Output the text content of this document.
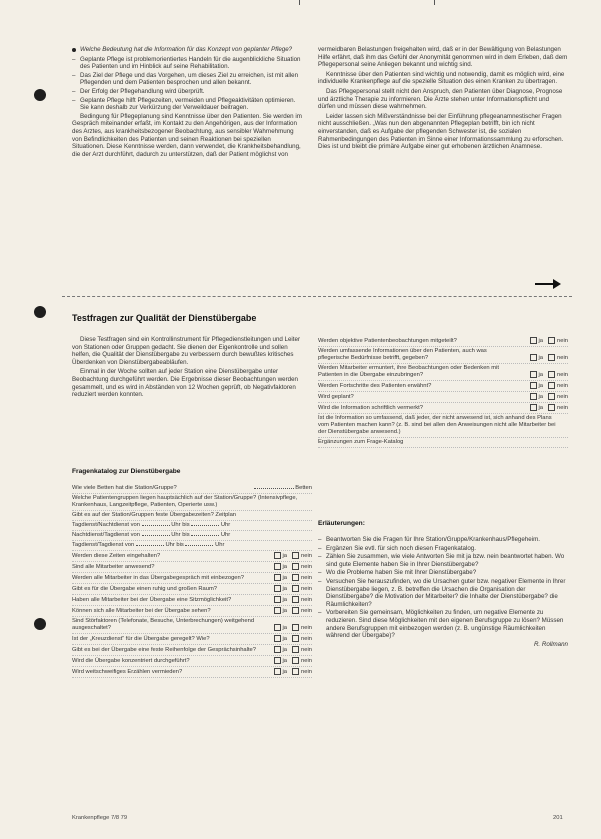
Welche Bedeutung hat die Information für das Konzept von geplanter Pflege?

– Geplante Pflege ist problemorientiertes Handeln für die augenblickliche Situation des Patienten und im Hinblick auf seine Rehabilitation.
– Das Ziel der Pflege und das Vorgehen, um dieses Ziel zu erreichen, ist mit allen Pflegenden und dem Patienten besprochen und allen bekannt.
– Der Erfolg der Pflegehandlung wird überprüft.
– Geplante Pflege hilft Pflegezeiten, vermeiden und Pflegeaktivitäten optimieren. Sie kann deshalb zur Verkürzung der Verweildauer beitragen.

Bedingung für Pflegeplanung sind Kenntnisse über den Patienten. Sie werden im Gespräch miteinander erfaßt, im Kontakt zu den Angehörigen, aus der Information des Arztes, aus krankheitsbezogener Beobachtung, aus sensibler Wahrnehmung von Befindlichkeiten des Patienten und seinen Reaktionen bei speziellen Situationen. Diese Kenntnisse werden, dann verwendet, die Krankheitsbehandlung, die der Arzt durchführt, dadurch zu unterstützen, daß der Patient möglichst von

vermeidbaren Belastungen freigehalten wird, daß er in der Bewältigung von Belastungen Hilfe erfährt, daß ihm das Gefühl der Anonymität genommen wird in dem Erleben, daß dem Pflegepersonal seine Anliegen bekannt und wichtig sind.

Kenntnisse über den Patienten sind wichtig und notwendig, damit es möglich wird, eine individuelle Krankenpflege auf die spezielle Situation des einen Kranken zu übertragen.

Das Pflegepersonal stellt nicht den Anspruch, den Patienten über Diagnose, Prognose und ärztliche Therapie zu informieren. Die Ärzte stehen unter Informationspflicht und dürfen und müssen diese wahrnehmen.

Leider lassen sich Mißverständnisse bei der Einführung pflegeanamnestischer Fragen nicht ausschließen. „Was nun den abgenannten Pflegeplan betrifft, bin ich nicht einverstanden, daß es Aufgabe der pflegenden Schwester ist, die sozialen Rahmenbedingungen des Patienten im Sinne einer Informationssammlung zu erforschen. Dies ist und bleibt die primäre Aufgabe einer gut erhobenen ärztlichen Anamnese.

Testfragen zur Qualität der Dienstübergabe

Diese Testfragen sind ein Kontrollinstrument für Pflegedienstleitungen und Leiter von Stationen oder Gruppen gedacht. Sie dienen der Eigenkontrolle und sollen helfen, die Qualität der Dienstübergabe zu verbessern durch bewußtes kritisches Überdenken von Dienstübergabeabläufen.

Einmal in der Woche sollten auf jeder Station eine Dienstübergabe unter Beobachtung durchgeführt werden. Die Ergebnisse dieser Beobachtungen werden gesammelt, und es wird in Abständen von 12 Wochen geprüft, ob Negativfaktoren reduziert werden konnten.

Fragenkatalog zur Dienstübergabe
Wie viele Betten hat die Station/Gruppe?	Betten
Welche Patientengruppen liegen hauptsächlich auf der Station/Gruppe? (Intensivpflege, Krankenhaus, Langzeitpflege, Patienten, Operierte usw.)
Gibt es auf der Station/Gruppen feste Übergabezeiten? Zeitplan
Tagdienst/Nachtdienst von	Uhr bis	Uhr
Nachtdienst/Tagdienst von	Uhr bis	Uhr
Tagdienst/Tagdienst von	Uhr bis	Uhr
Werden diese Zeiten eingehalten?	ja nein
Sind alle Mitarbeiter anwesend?	ja nein
Werden alle Mitarbeiter in das Übergabegespräch mit einbezogen?	ja nein
Gibt es für die Übergabe einen ruhig und großen Raum?	ja nein
Haben alle Mitarbeiter bei der Übergabe eine Sitzmöglichkeit?	ja nein
Können sich alle Mitarbeiter bei der Übergabe sehen?	ja nein
Sind Störfaktoren (Telefonate, Besuche, Unterbrechungen) weitgehend ausgeschaltet?	ja nein
Ist der „Kreuzdienst“ für die Übergabe geregelt? Wie?	ja nein
Gibt es bei der Übergabe eine feste Reihenfolge der Gesprächsinhalte?	ja nein
Wird die Übergabe konzentriert durchgeführt?	ja nein
Wird weitschweifiges Erzählen vermieden?	ja nein
Werden objektive Patientenbeobachtungen mitgeteilt?	ja nein
Werden umfassende Informationen über den Patienten, auch was pflegerische Bedürfnisse betrifft, gegeben?	ja nein
Werden Mitarbeiter ermuntert, ihre Beobachtungen oder Bedenken mit Patienten in die Übergabe einzubringen?	ja nein
Werden Fortschritte des Patienten erwähnt?	ja nein
Wird geplant?	ja nein
Wird die Information schriftlich vermerkt?	ja nein
Ist die Information so umfassend, daß jeder, der nicht anwesend ist, sich anhand des Plans vom Patienten machen kann? (z. B. sind bei allen den Anweisungen nicht alle Mitarbeiter bei der Dienstübergabe anwesend.)
Ergänzungen zum Frage-Katalog
Erläuterungen:
– Beantworten Sie die Fragen für Ihre Station/Gruppe/Krankenhaus/Pflegeheim.
– Ergänzen Sie evtl. für sich noch diesen Fragenkatalog.
– Zählen Sie zusammen, wie viele Antworten Sie mit ja bzw. nein beantwortet haben. Wo sind gute Elemente haben Sie in Ihrer Dienstübergabe?
– Wo die Probleme haben Sie mit Ihrer Dienstübergabe?
– Versuchen Sie herauszufinden, wo die Ursachen guter bzw. negativer Elemente in Ihrer Dienstübergabe liegen, z. B. betreffen die Ursachen die Organisation der Dienstübergabe? die Motivation der Mitarbeiter? die Inhalte der Dienstübergabe? die Räumlichkeiten?
– Vorbereiten Sie gemeinsam, Möglichkeiten zu finden, um negative Elemente zu reduzieren. Sind diese Möglichkeiten mit den eigenen Berufsgruppe zu lösen? Müssen andere Berufsgruppen mit einbezogen werden (z. B. ungünstige Räumlichkeiten während der Übergabe)?

R. Rollmann

Krankenpflege 7/8 79	201
